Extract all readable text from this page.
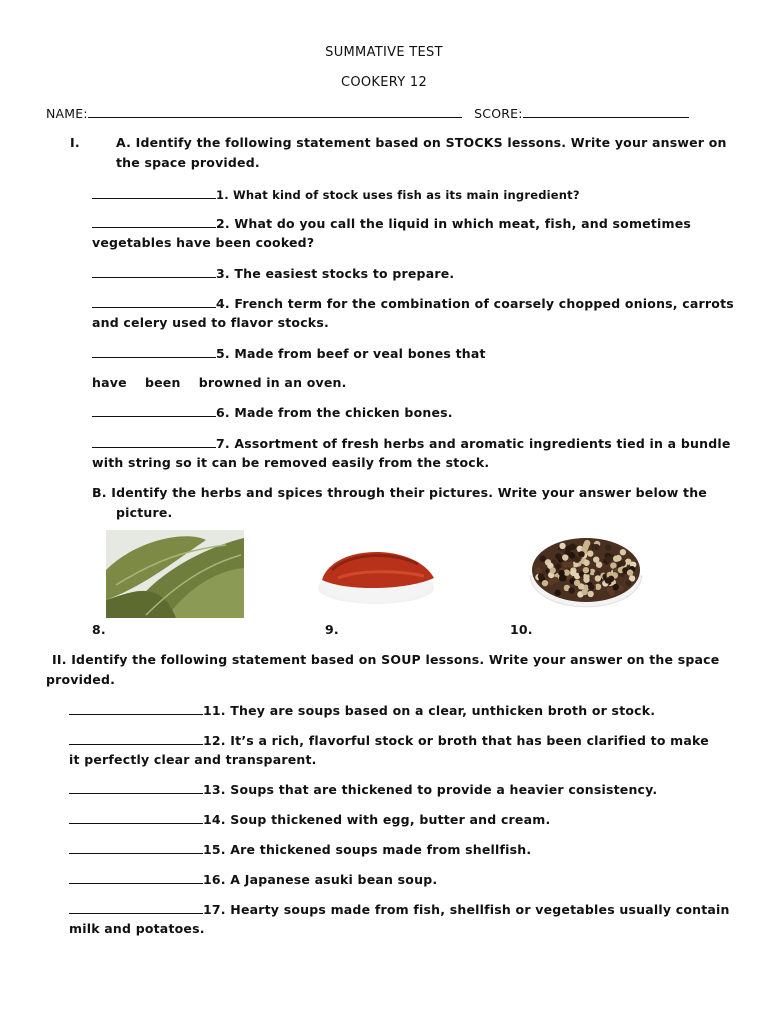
SUMMATIVE TEST
COOKERY 12
NAME:	SCORE:
I.	A. Identify the following statement based on STOCKS lessons. Write your answer on
the space provided.
1. What kind of stock uses fish as its main ingredient?
2. What do you call the liquid in which meat, fish, and sometimes
vegetables have been cooked?
3. The easiest stocks to prepare.
4. French term for the combination of coarsely chopped onions, carrots
and celery used to flavor stocks.
5. Made from beef or veal bones that
have    been    browned in an oven.
6. Made from the chicken bones.
7. Assortment of fresh herbs and aromatic ingredients tied in a bundle
with string so it can be removed easily from the stock.
B. Identify the herbs and spices through their pictures. Write your answer below the
picture.
8.	9.	10.
II. Identify the following statement based on SOUP lessons. Write your answer on the space
provided.
11. They are soups based on a clear, unthicken broth or stock.
12. It’s a rich, flavorful stock or broth that has been clarified to make
it perfectly clear and transparent.
13. Soups that are thickened to provide a heavier consistency.
14. Soup thickened with egg, butter and cream.
15. Are thickened soups made from shellfish.
16. A Japanese asuki bean soup.
17. Hearty soups made from fish, shellfish or vegetables usually contain
milk and potatoes.
